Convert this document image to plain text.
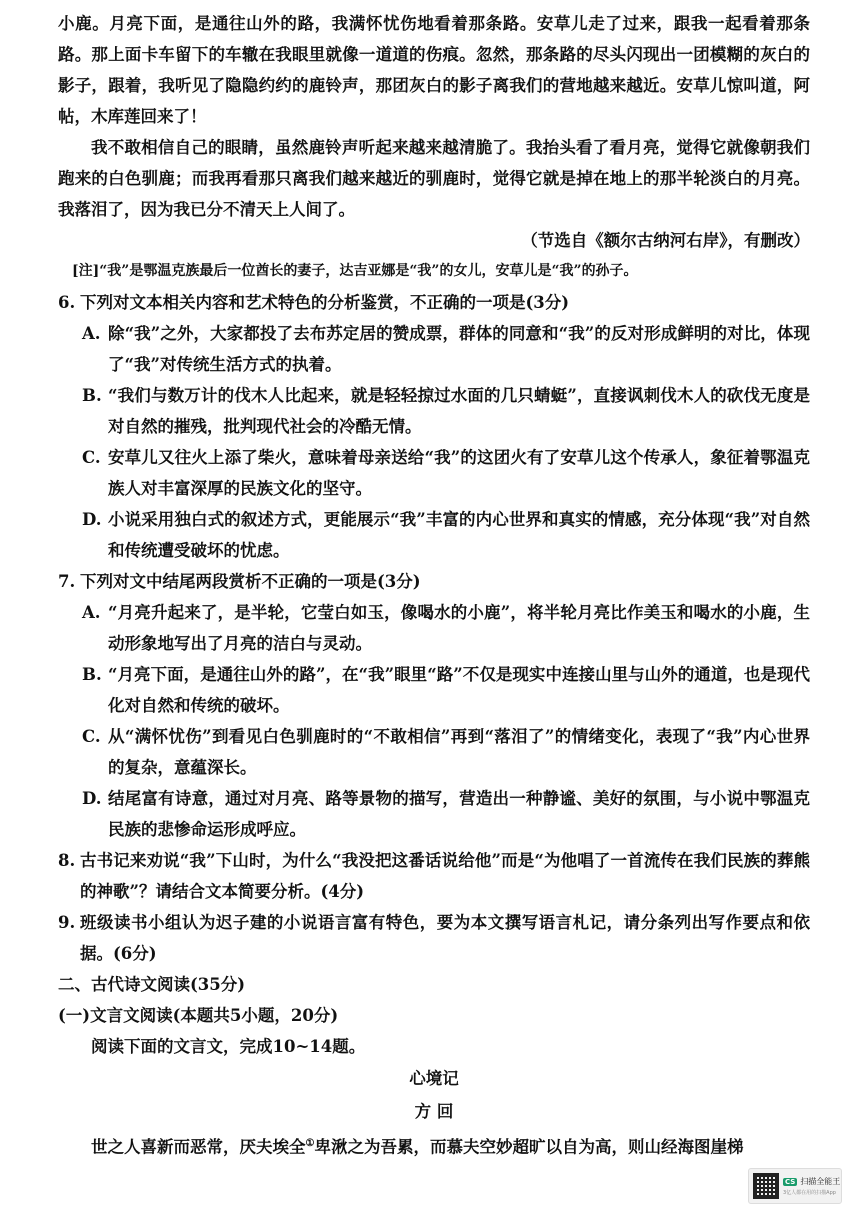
小鹿。月亮下面，是通往山外的路，我满怀忧伤地看着那条路。安草儿走了过来，跟我一起看着那条路。那上面卡车留下的车辙在我眼里就像一道道的伤痕。忽然，那条路的尽头闪现出一团模糊的灰白的影子，跟着，我听见了隐隐约约的鹿铃声，那团灰白的影子离我们的营地越来越近。安草儿惊叫道，阿帖，木库莲回来了！

我不敢相信自己的眼睛，虽然鹿铃声听起来越来越清脆了。我抬头看了看月亮，觉得它就像朝我们跑来的白色驯鹿；而我再看那只离我们越来越近的驯鹿时，觉得它就是掉在地上的那半轮淡白的月亮。我落泪了，因为我已分不清天上人间了。

（节选自《额尔古纳河右岸》，有删改）

[注]“我”是鄂温克族最后一位酋长的妻子，达吉亚娜是“我”的女儿，安草儿是“我”的孙子。

6. 下列对文本相关内容和艺术特色的分析鉴赏，不正确的一项是(3分)
A. 除“我”之外，大家都投了去布苏定居的赞成票，群体的同意和“我”的反对形成鲜明的对比，体现了“我”对传统生活方式的执着。
B. “我们与数万计的伐木人比起来，就是轻轻掠过水面的几只蜻蜓”，直接讽刺伐木人的砍伐无度是对自然的摧残，批判现代社会的冷酷无情。
C. 安草儿又往火上添了柴火，意味着母亲送给“我”的这团火有了安草儿这个传承人，象征着鄂温克族人对丰富深厚的民族文化的坚守。
D. 小说采用独白式的叙述方式，更能展示“我”丰富的内心世界和真实的情感，充分体现“我”对自然和传统遭受破坏的忧虑。
7. 下列对文中结尾两段赏析不正确的一项是(3分)
A. “月亮升起来了，是半轮，它莹白如玉，像喝水的小鹿”，将半轮月亮比作美玉和喝水的小鹿，生动形象地写出了月亮的洁白与灵动。
B. “月亮下面，是通往山外的路”，在“我”眼里“路”不仅是现实中连接山里与山外的通道，也是现代化对自然和传统的破坏。
C. 从“满怀忧伤”到看见白色驯鹿时的“不敢相信”再到“落泪了”的情绪变化，表现了“我”内心世界的复杂，意蕴深长。
D. 结尾富有诗意，通过对月亮、路等景物的描写，营造出一种静谧、美好的氛围，与小说中鄂温克民族的悲惨命运形成呼应。
8. 古书记来劝说“我”下山时，为什么“我没把这番话说给他”而是“为他唱了一首流传在我们民族的葬熊的神歌”？请结合文本简要分析。(4分)
9. 班级读书小组认为迟子建的小说语言富有特色，要为本文撰写语言札记，请分条列出写作要点和依据。(6分)

二、古代诗文阅读(35分)

(一)文言文阅读(本题共5小题，20分)

阅读下面的文言文，完成10~14题。

心境记

方 回

世之人喜新而恶常，厌夫埃全①卑湫之为吾累，而慕夫空妙超旷以自为高，则山经海图崖梯

CS 扫描全能王
3亿人都在用的扫描App
